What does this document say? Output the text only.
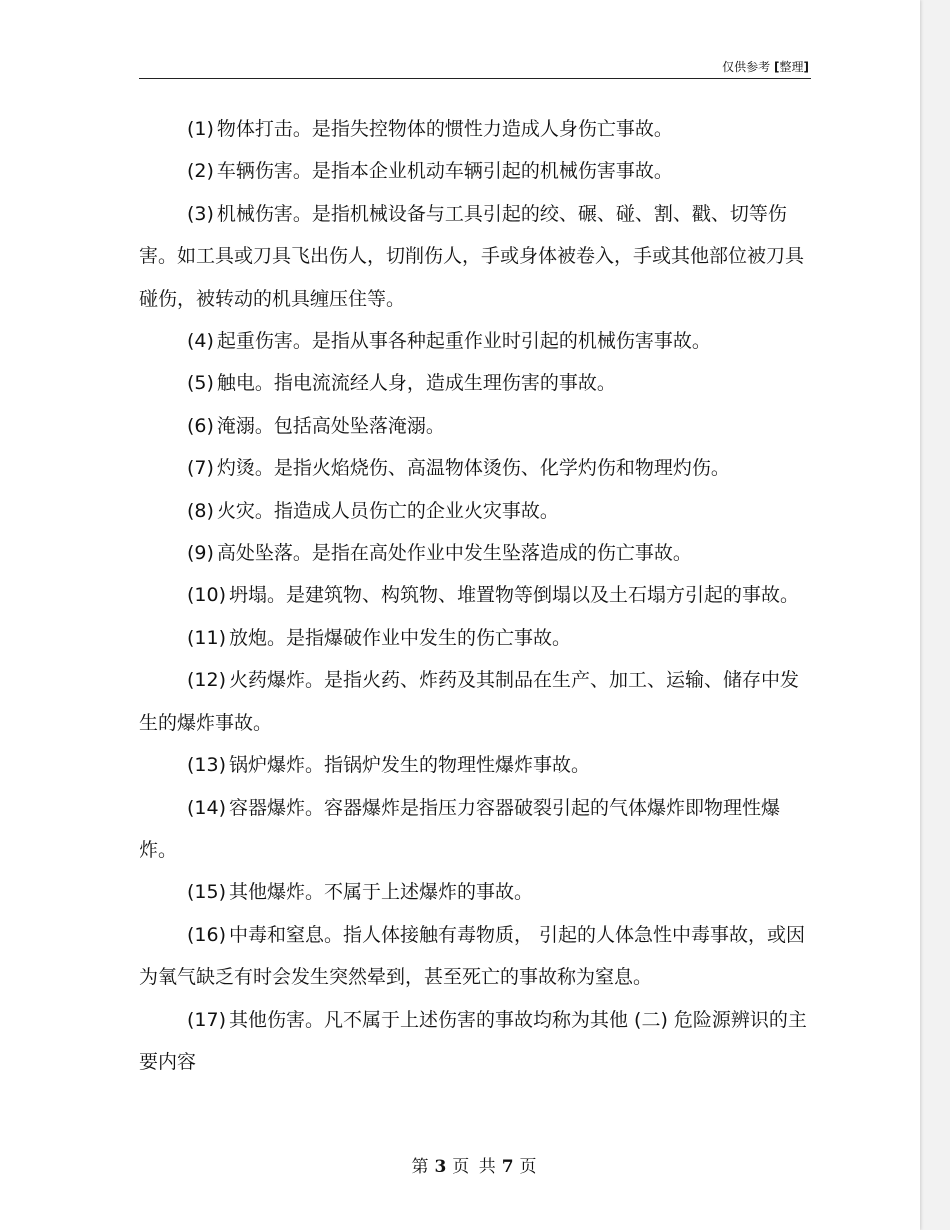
仅供参考 [整理]

(1) 物体打击。是指失控物体的惯性力造成人身伤亡事故。

(2) 车辆伤害。是指本企业机动车辆引起的机械伤害事故。

(3) 机械伤害。是指机械设备与工具引起的绞、碾、碰、割、戳、切等伤害。如工具或刀具飞出伤人，切削伤人，手或身体被卷入，手或其他部位被刀具碰伤，被转动的机具缠压住等。

(4) 起重伤害。是指从事各种起重作业时引起的机械伤害事故。

(5) 触电。指电流流经人身，造成生理伤害的事故。

(6) 淹溺。包括高处坠落淹溺。

(7) 灼烫。是指火焰烧伤、高温物体烫伤、化学灼伤和物理灼伤。

(8) 火灾。指造成人员伤亡的企业火灾事故。

(9) 高处坠落。是指在高处作业中发生坠落造成的伤亡事故。

(10) 坍塌。是建筑物、构筑物、堆置物等倒塌以及土石塌方引起的事故。

(11) 放炮。是指爆破作业中发生的伤亡事故。

(12) 火药爆炸。是指火药、炸药及其制品在生产、加工、运输、储存中发生的爆炸事故。

(13) 锅炉爆炸。指锅炉发生的物理性爆炸事故。

(14) 容器爆炸。容器爆炸是指压力容器破裂引起的气体爆炸即物理性爆炸。

(15) 其他爆炸。不属于上述爆炸的事故。

(16) 中毒和窒息。指人体接触有毒物质， 引起的人体急性中毒事故，或因为氧气缺乏有时会发生突然晕到，甚至死亡的事故称为窒息。

(17) 其他伤害。凡不属于上述伤害的事故均称为其他 (二) 危险源辨识的主要内容

第 3 页 共 7 页
